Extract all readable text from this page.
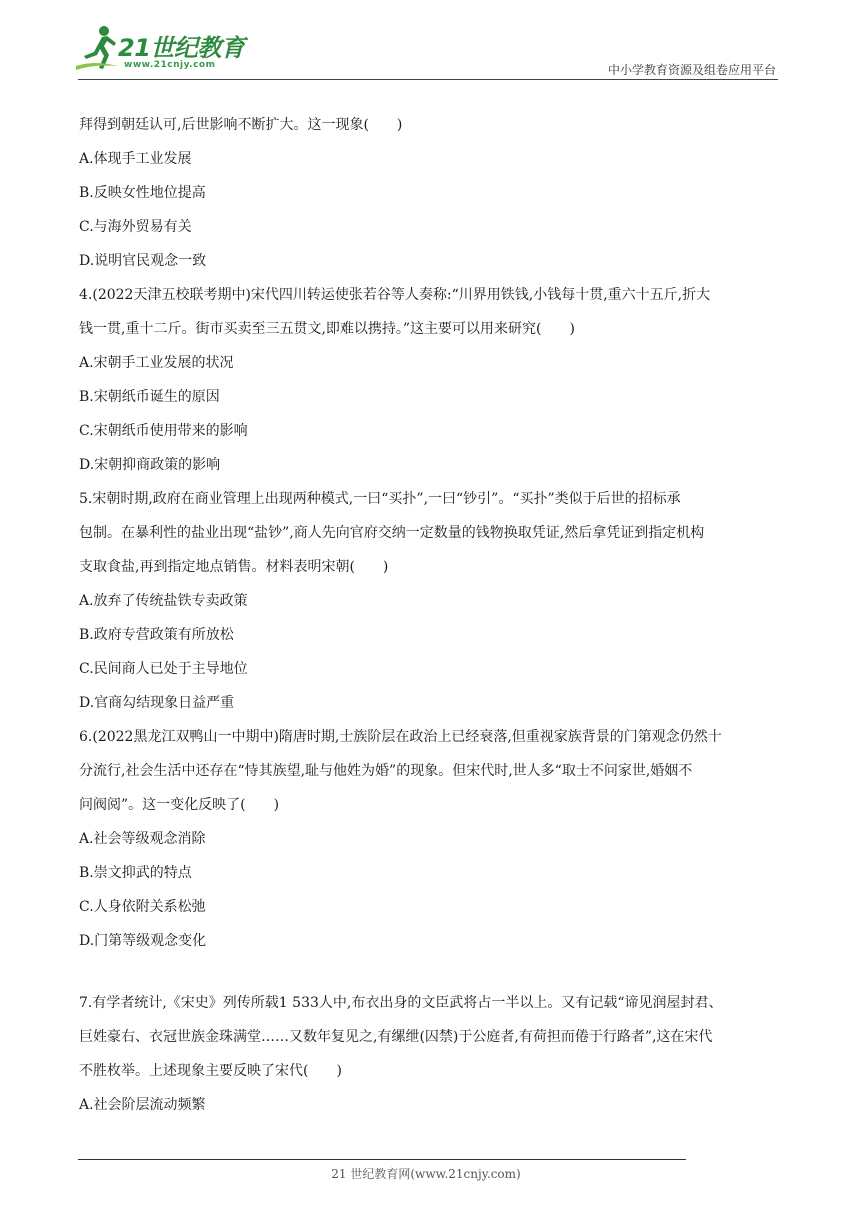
21世纪教育
www.21cnjy.com	中小学教育资源及组卷应用平台
拜得到朝廷认可,后世影响不断扩大。这一现象(　　)
A.体现手工业发展
B.反映女性地位提高
C.与海外贸易有关
D.说明官民观念一致
4.(2022天津五校联考期中)宋代四川转运使张若谷等人奏称:“川界用铁钱,小钱每十贯,重六十五斤,折大
钱一贯,重十二斤。街市买卖至三五贯文,即难以携持。”这主要可以用来研究(　　)
A.宋朝手工业发展的状况
B.宋朝纸币诞生的原因
C.宋朝纸币使用带来的影响
D.宋朝抑商政策的影响
5.宋朝时期,政府在商业管理上出现两种模式,一曰“买扑”,一曰“钞引”。“买扑”类似于后世的招标承
包制。在暴利性的盐业出现“盐钞”,商人先向官府交纳一定数量的钱物换取凭证,然后拿凭证到指定机构
支取食盐,再到指定地点销售。材料表明宋朝(　　)
A.放弃了传统盐铁专卖政策
B.政府专营政策有所放松
C.民间商人已处于主导地位
D.官商勾结现象日益严重
6.(2022黑龙江双鸭山一中期中)隋唐时期,士族阶层在政治上已经衰落,但重视家族背景的门第观念仍然十
分流行,社会生活中还存在“恃其族望,耻与他姓为婚”的现象。但宋代时,世人多“取士不问家世,婚姻不
问阀阅”。这一变化反映了(　　)
A.社会等级观念消除
B.崇文抑武的特点
C.人身依附关系松弛
D.门第等级观念变化
7.有学者统计,《宋史》列传所载1 533人中,布衣出身的文臣武将占一半以上。又有记载“谛见润屋封君、
巨姓豪右、衣冠世族金珠满堂……又数年复见之,有缧绁(囚禁)于公庭者,有荷担而倦于行路者”,这在宋代
不胜枚举。上述现象主要反映了宋代(　　)
A.社会阶层流动频繁
21 世纪教育网(www.21cnjy.com)
